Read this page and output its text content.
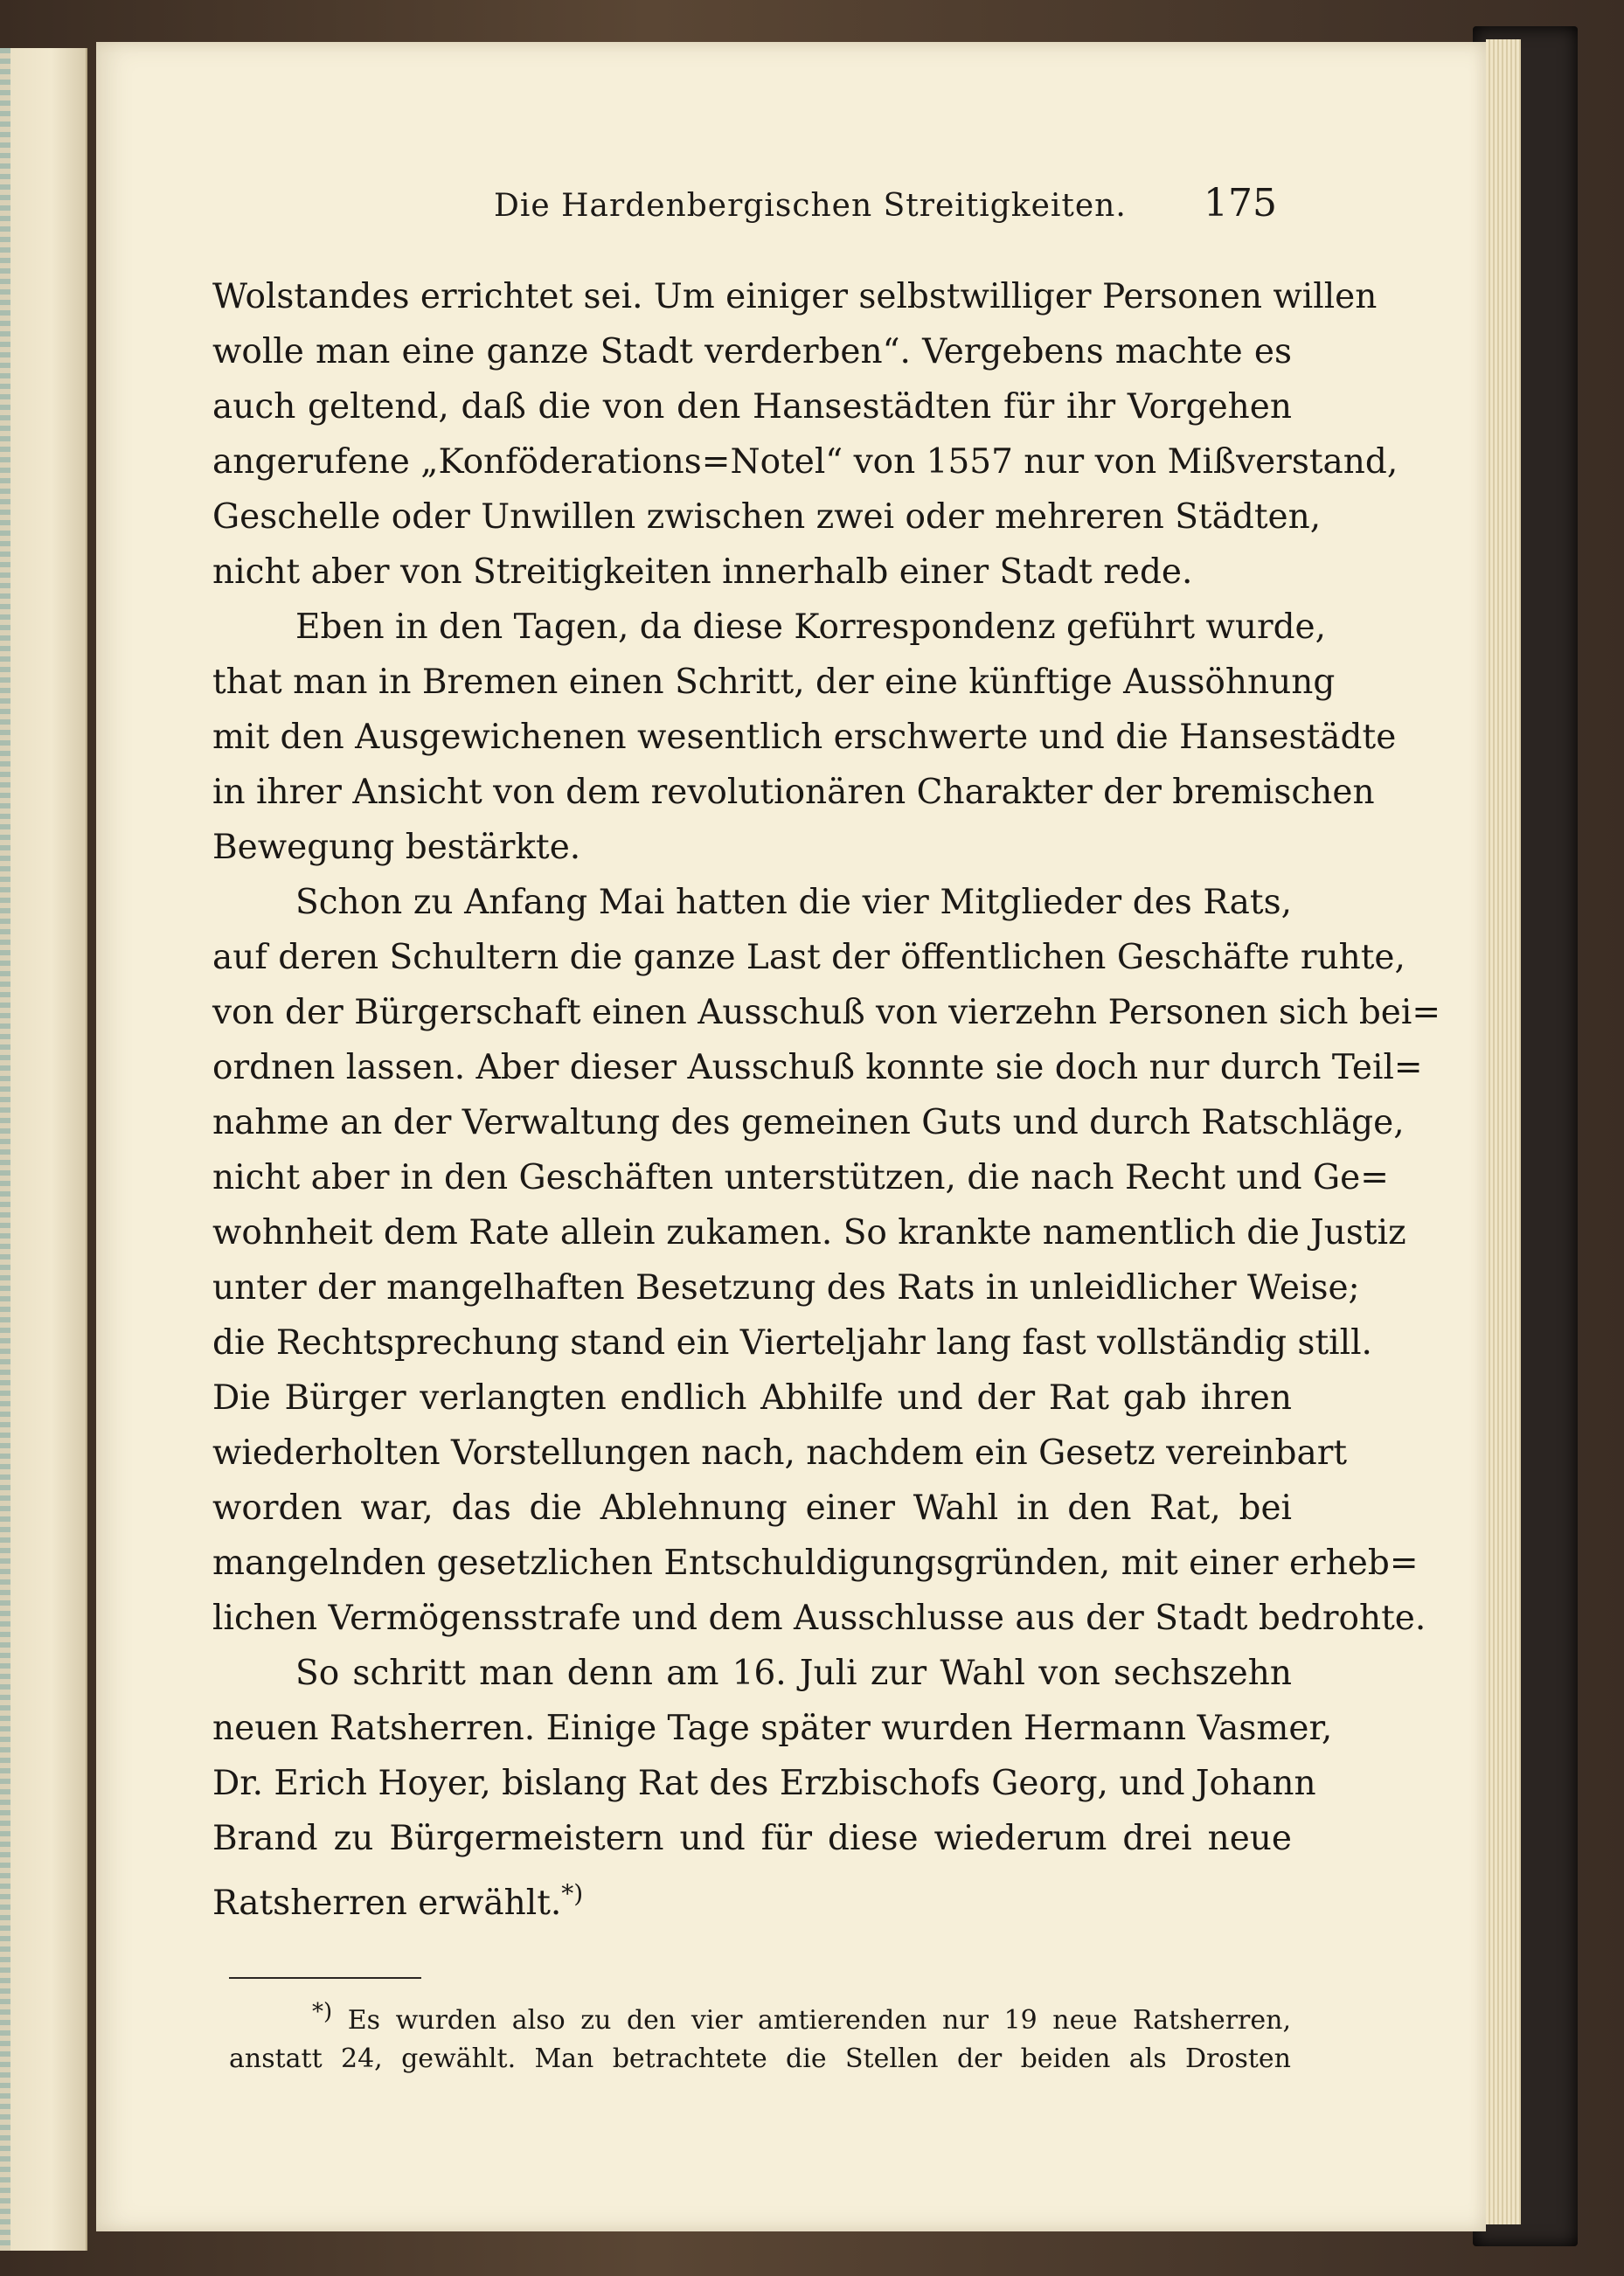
Die Hardenbergischen Streitigkeiten. 175
Wolstandes errichtet sei. Um einiger selbstwilliger Personen willen
wolle man eine ganze Stadt verderben“. Vergebens machte es
auch geltend, daß die von den Hansestädten für ihr Vorgehen
angerufene „Konföderations=Notel“ von 1557 nur von Mißverstand,
Geschelle oder Unwillen zwischen zwei oder mehreren Städten,
nicht aber von Streitigkeiten innerhalb einer Stadt rede.
Eben in den Tagen, da diese Korrespondenz geführt wurde,
that man in Bremen einen Schritt, der eine künftige Aussöhnung
mit den Ausgewichenen wesentlich erschwerte und die Hansestädte
in ihrer Ansicht von dem revolutionären Charakter der bremischen
Bewegung bestärkte.
Schon zu Anfang Mai hatten die vier Mitglieder des Rats,
auf deren Schultern die ganze Last der öffentlichen Geschäfte ruhte,
von der Bürgerschaft einen Ausschuß von vierzehn Personen sich bei=
ordnen lassen. Aber dieser Ausschuß konnte sie doch nur durch Teil=
nahme an der Verwaltung des gemeinen Guts und durch Ratschläge,
nicht aber in den Geschäften unterstützen, die nach Recht und Ge=
wohnheit dem Rate allein zukamen. So krankte namentlich die Justiz
unter der mangelhaften Besetzung des Rats in unleidlicher Weise;
die Rechtsprechung stand ein Vierteljahr lang fast vollständig still.
Die Bürger verlangten endlich Abhilfe und der Rat gab ihren
wiederholten Vorstellungen nach, nachdem ein Gesetz vereinbart
worden war, das die Ablehnung einer Wahl in den Rat, bei
mangelnden gesetzlichen Entschuldigungsgründen, mit einer erheb=
lichen Vermögensstrafe und dem Ausschlusse aus der Stadt bedrohte.
So schritt man denn am 16. Juli zur Wahl von sechszehn
neuen Ratsherren. Einige Tage später wurden Hermann Vasmer,
Dr. Erich Hoyer, bislang Rat des Erzbischofs Georg, und Johann
Brand zu Bürgermeistern und für diese wiederum drei neue
Ratsherren erwählt.*)
*) Es wurden also zu den vier amtierenden nur 19 neue Ratsherren,
anstatt 24, gewählt. Man betrachtete die Stellen der beiden als Drosten
